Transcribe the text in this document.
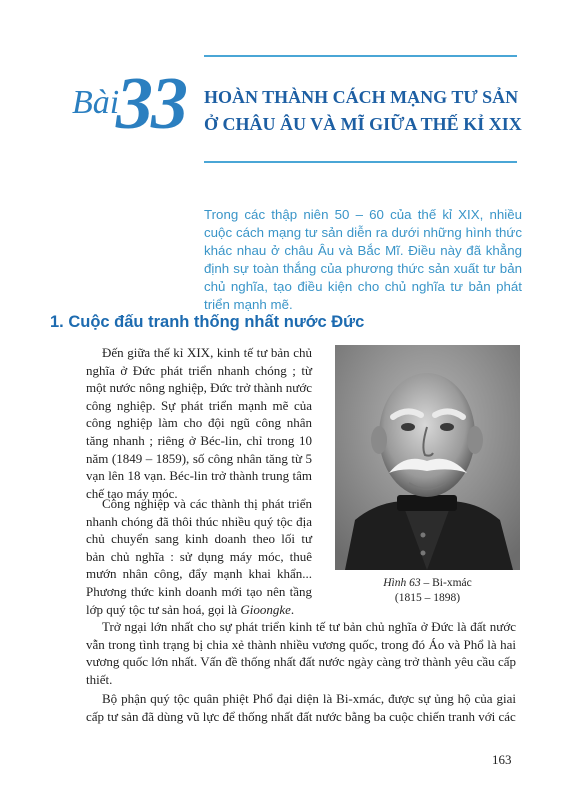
Bài
33 HOÀN THÀNH CÁCH MẠNG TƯ SẢN
Ở CHÂU ÂU VÀ MĨ GIỮA THẾ KỈ XIX
Trong các thập niên 50 – 60 của thế kỉ XIX, nhiều cuộc cách mạng tư sản diễn ra dưới những hình thức khác nhau ở châu Âu và Bắc Mĩ. Điều này đã khẳng định sự toàn thắng của phương thức sản xuất tư bản chủ nghĩa, tạo điều kiện cho chủ nghĩa tư bản phát triển mạnh mẽ.
1. Cuộc đấu tranh thống nhất nước Đức

Đến giữa thế kỉ XIX, kinh tế tư bản chủ nghĩa ở Đức phát triển nhanh chóng ; từ một nước nông nghiệp, Đức trở thành nước công nghiệp. Sự phát triển mạnh mẽ của công nghiệp làm cho đội ngũ công nhân tăng nhanh ; riêng ở Béc-lin, chỉ trong 10 năm (1849 – 1859), số công nhân tăng từ 5 vạn lên 18 vạn. Béc-lin trở thành trung tâm chế tạo máy móc.

Công nghiệp và các thành thị phát triển nhanh chóng đã thôi thúc nhiều quý tộc địa chủ chuyển sang kinh doanh theo lối tư bản chủ nghĩa : sử dụng máy móc, thuê mướn nhân công, đẩy mạnh khai khẩn... Phương thức kinh doanh mới tạo nên tầng lớp quý tộc tư sản hoá, gọi là Gioongke.

Hình 63 – Bi-xmác
(1815 – 1898)

Trở ngại lớn nhất cho sự phát triển kinh tế tư bản chủ nghĩa ở Đức là đất nước vẫn trong tình trạng bị chia xẻ thành nhiều vương quốc, trong đó Áo và Phổ là hai vương quốc lớn nhất. Vấn đề thống nhất đất nước ngày càng trở thành yêu cầu cấp thiết.

Bộ phận quý tộc quân phiệt Phổ đại diện là Bi-xmác, được sự ủng hộ của giai cấp tư sản đã dùng vũ lực để thống nhất đất nước bằng ba cuộc chiến tranh với các

163
